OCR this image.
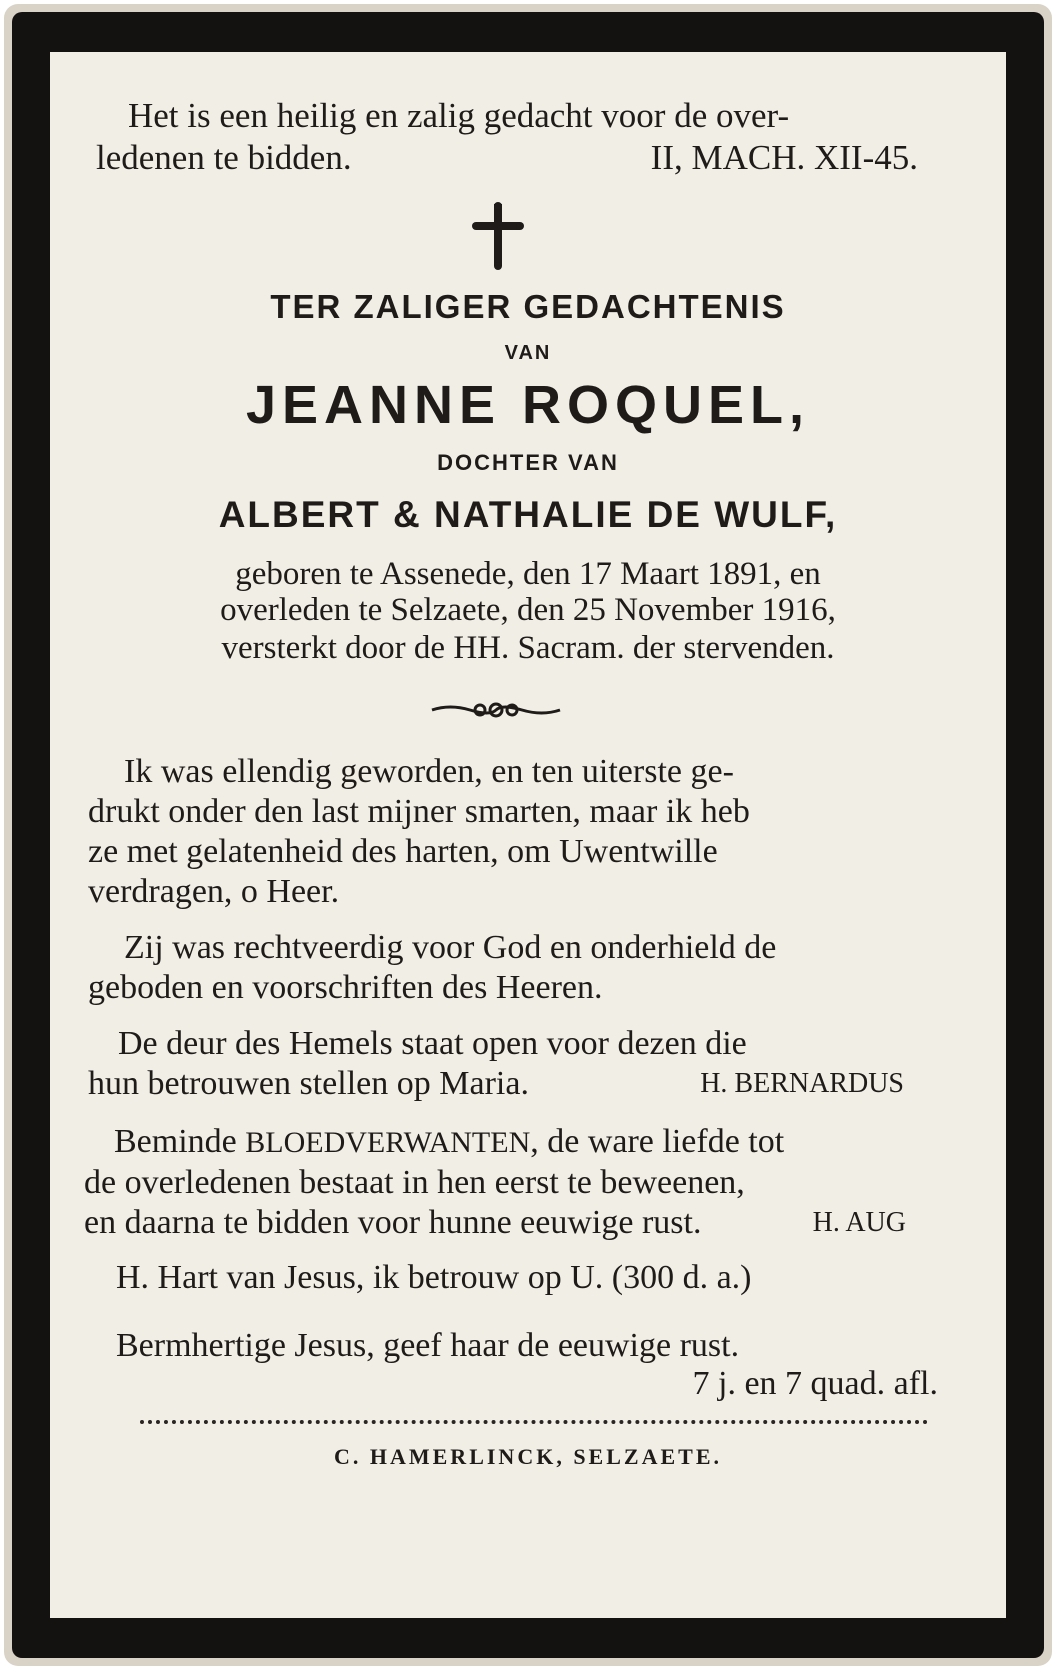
Het is een heilig en zalig gedacht voor de over-
ledenen te bidden.	II, MACH. XII-45.
TER ZALIGER GEDACHTENIS
VAN
JEANNE ROQUEL,
DOCHTER VAN
ALBERT & NATHALIE DE WULF,
geboren te Assenede, den 17 Maart 1891, en
overleden te Selzaete, den 25 November 1916,
versterkt door de HH. Sacram. der stervenden.
Ik was ellendig geworden, en ten uiterste ge-
drukt onder den last mijner smarten, maar ik heb
ze met gelatenheid des harten, om Uwentwille
verdragen, o Heer.
Zij was rechtveerdig voor God en onderhield de
geboden en voorschriften des Heeren.
De deur des Hemels staat open voor dezen die
hun betrouwen stellen op Maria.	H. BERNARDUS
Beminde BLOEDVERWANTEN, de ware liefde tot
de overledenen bestaat in hen eerst te beweenen,
en daarna te bidden voor hunne eeuwige rust.	H. AUG
H. Hart van Jesus, ik betrouw op U. (300 d. a.)
Bermhertige Jesus, geef haar de eeuwige rust.
7 j. en 7 quad. afl.
C. HAMERLINCK, SELZAETE.
